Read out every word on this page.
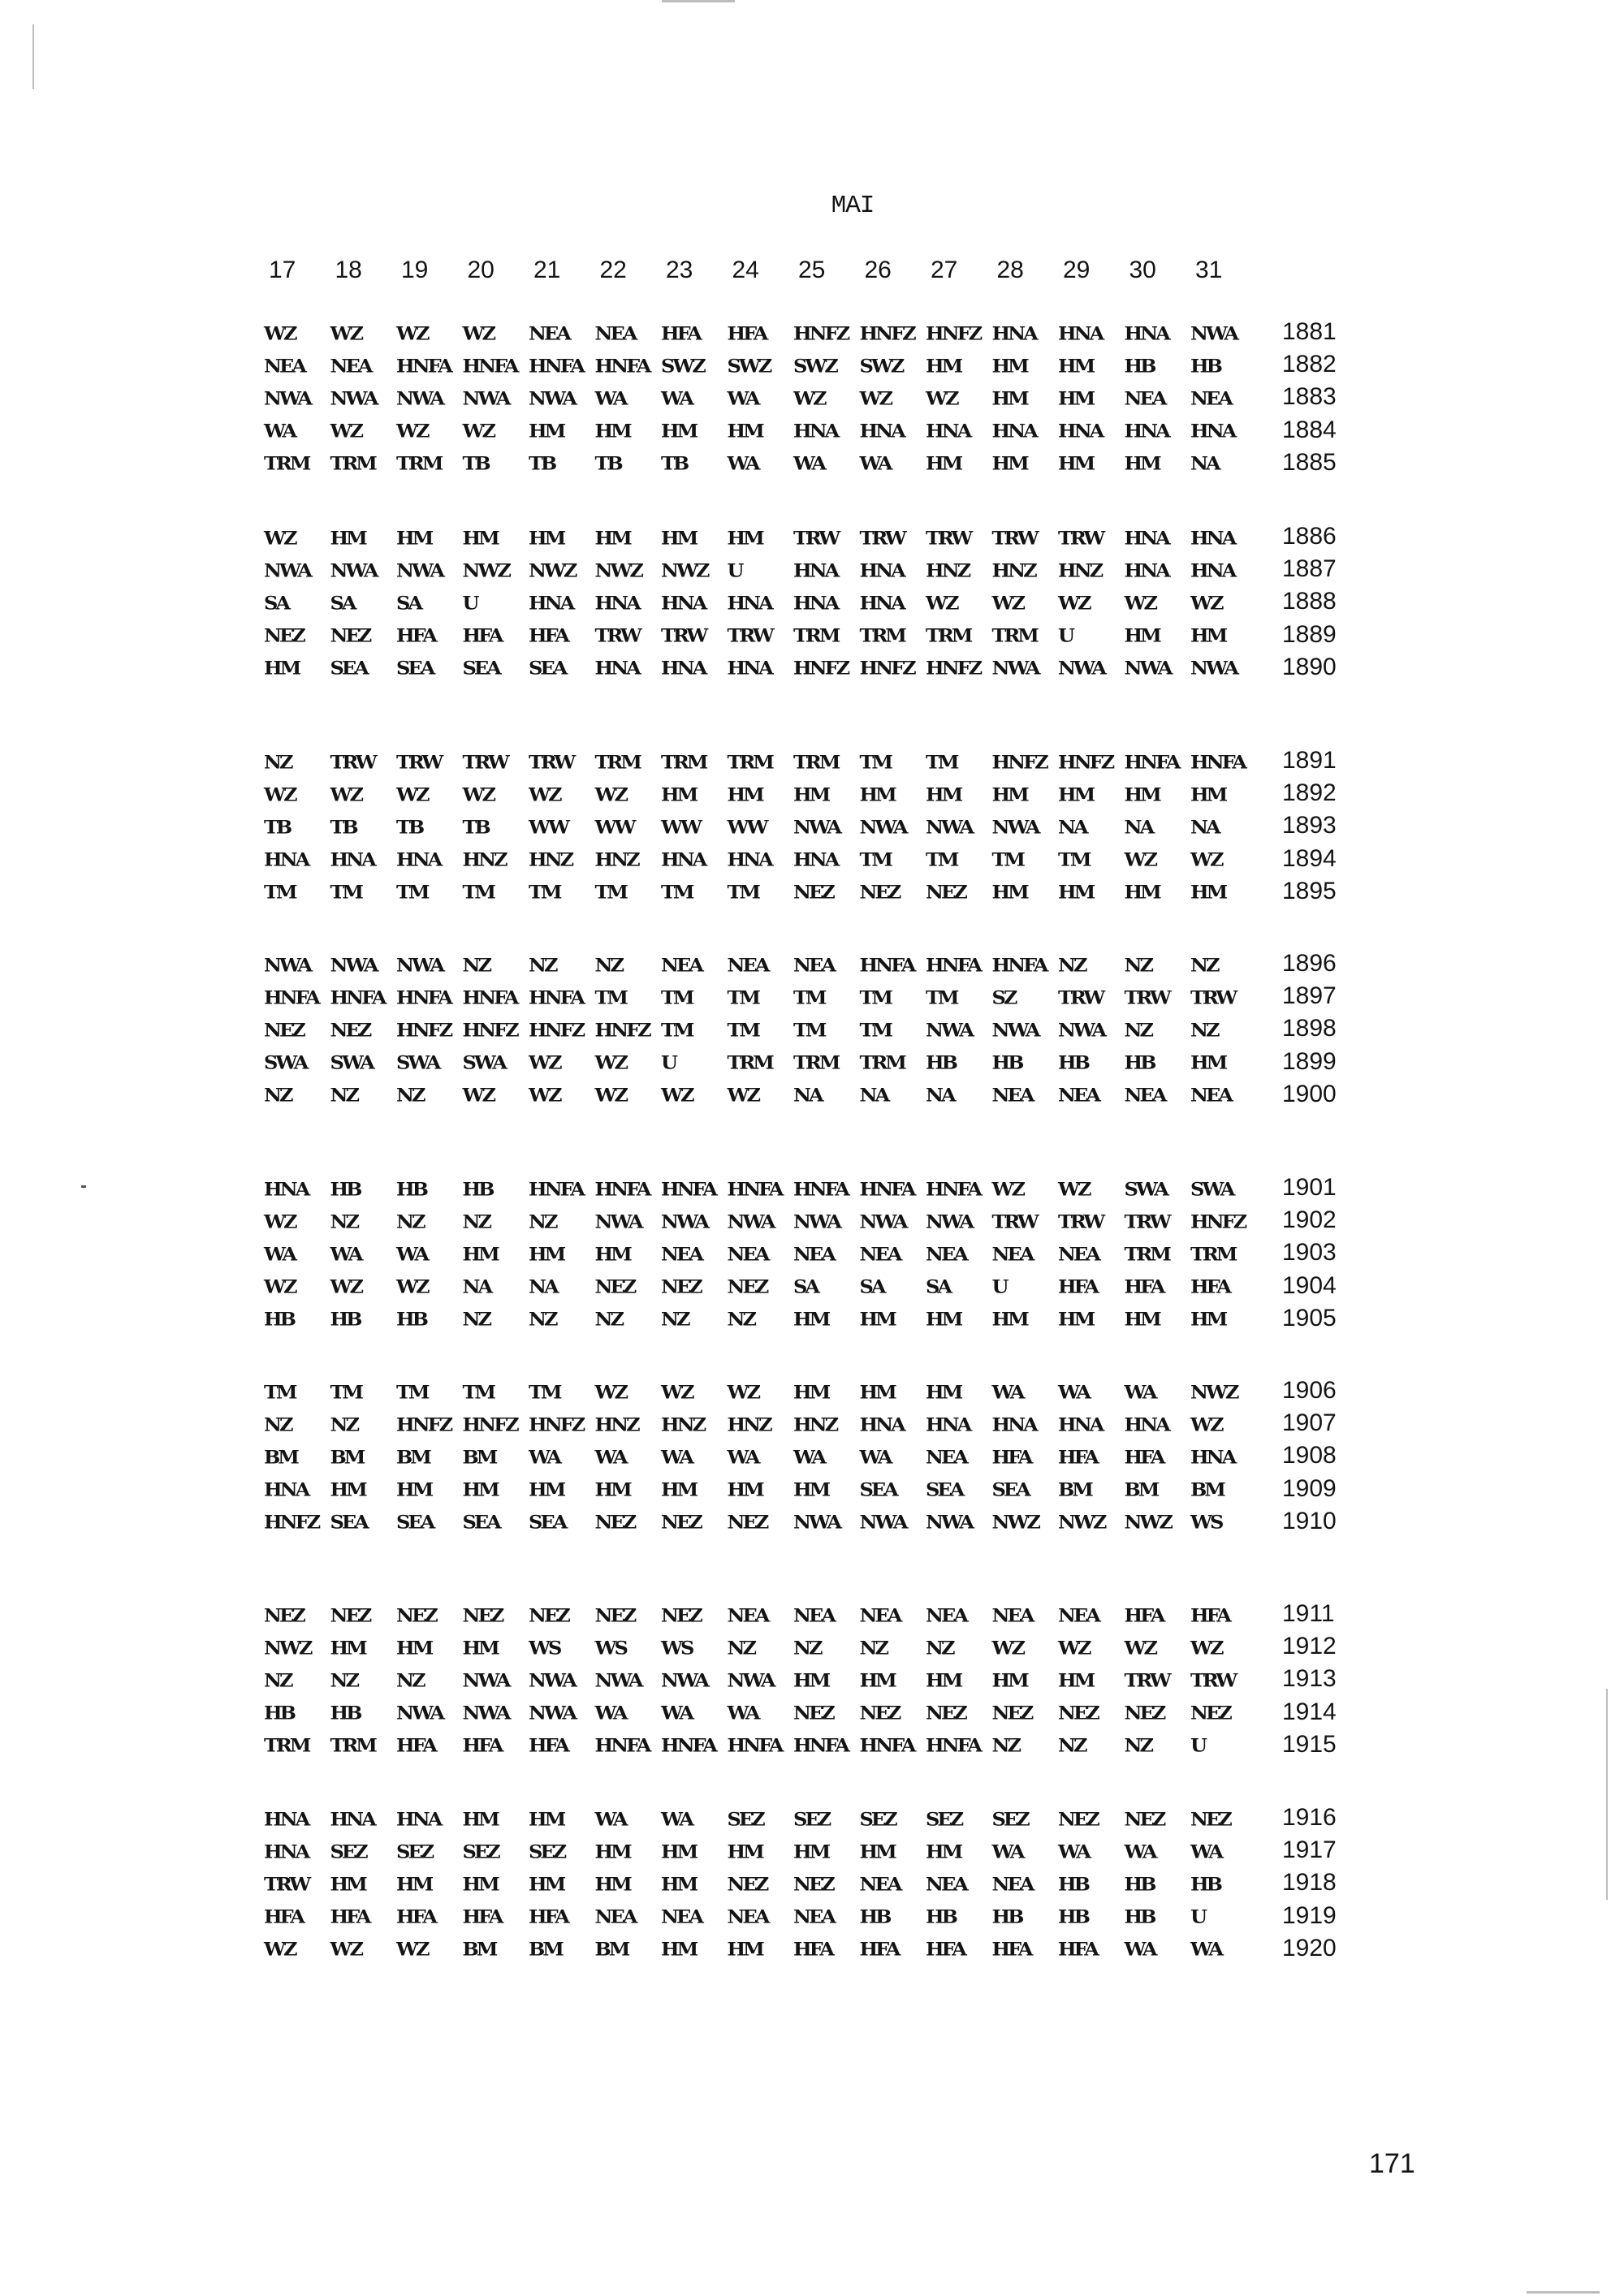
MAI
17	18	19	20	21	22	23	24	25	26	27	28	29	30	31
WZ	WZ	WZ	WZ	NEA	NEA	HFA	HFA	HNFZ HNFZ HNFZ HNA	HNA	HNA	NWA	1881
NEA	NEA	HNFA HNFA HNFA HNFA SWZ	SWZ	SWZ	SWZ	HM	HM	HM	HB	HB	1882
NWA	NWA	NWA	NWA	NWA	WA	WA	WA	WZ	WZ	WZ	HM	HM	NEA	NEA	1883
WA	WZ	WZ	WZ	HM	HM	HM	HM	HNA	HNA	HNA	HNA	HNA	HNA	HNA	1884
TRM	TRM	TRM	TB	TB	TB	TB	WA	WA	WA	HM	HM	HM	HM	NA	1885
WZ	HM	HM	HM	HM	HM	HM	HM	TRW	TRW	TRW	TRW	TRW	HNA	HNA	1886
NWA	NWA	NWA	NWZ	NWZ	NWZ	NWZ	U	HNA	HNA	HNZ	HNZ	HNZ	HNA	HNA	1887
SA	SA	SA	U	HNA	HNA	HNA	HNA	HNA	HNA	WZ	WZ	WZ	WZ	WZ	1888
NEZ	NEZ	HFA	HFA	HFA	TRW	TRW	TRW	TRM	TRM	TRM	TRM	U	HM	HM	1889
HM	SEA	SEA	SEA	SEA	HNA	HNA	HNA	HNFZ HNFZ HNFZ NWA	NWA	NWA	NWA	1890
NZ	TRW	TRW	TRW	TRW	TRM	TRM	TRM	TRM	TM	TM	HNFZ HNFZ HNFA HNFA	1891
WZ	WZ	WZ	WZ	WZ	WZ	HM	HM	HM	HM	HM	HM	HM	HM	HM	1892
TB	TB	TB	TB	WW	WW	WW	WW	NWA	NWA	NWA	NWA	NA	NA	NA	1893
HNA	HNA	HNA	HNZ	HNZ	HNZ	HNA	HNA	HNA	TM	TM	TM	TM	WZ	WZ	1894
TM	TM	TM	TM	TM	TM	TM	TM	NEZ	NEZ	NEZ	HM	HM	HM	HM	1895
NWA	NWA	NWA	NZ	NZ	NZ	NEA	NEA	NEA	HNFA HNFA HNFA NZ	NZ	NZ	1896
HNFA HNFA HNFA HNFA HNFA TM	TM	TM	TM	TM	TM	SZ	TRW	TRW	TRW	1897
NEZ	NEZ	HNFZ HNFZ HNFZ HNFZ TM	TM	TM	TM	NWA	NWA	NWA	NZ	NZ	1898
SWA	SWA	SWA	SWA	WZ	WZ	U	TRM	TRM	TRM	HB	HB	HB	HB	HM	1899
NZ	NZ	NZ	WZ	WZ	WZ	WZ	WZ	NA	NA	NA	NEA	NEA	NEA	NEA	1900
HNA	HB	HB	HB	HNFA HNFA HNFA HNFA HNFA HNFA HNFA WZ	WZ	SWA	SWA	1901
WZ	NZ	NZ	NZ	NZ	NWA	NWA	NWA	NWA	NWA	NWA	TRW	TRW	TRW	HNFZ	1902
WA	WA	WA	HM	HM	HM	NEA	NEA	NEA	NEA	NEA	NEA	NEA	TRM	TRM	1903
WZ	WZ	WZ	NA	NA	NEZ	NEZ	NEZ	SA	SA	SA	U	HFA	HFA	HFA	1904
HB	HB	HB	NZ	NZ	NZ	NZ	NZ	HM	HM	HM	HM	HM	HM	HM	1905
TM	TM	TM	TM	TM	WZ	WZ	WZ	HM	HM	HM	WA	WA	WA	NWZ	1906
NZ	NZ	HNFZ HNFZ HNFZ HNZ	HNZ	HNZ	HNZ	HNA	HNA	HNA	HNA	HNA	WZ	1907
BM	BM	BM	BM	WA	WA	WA	WA	WA	WA	NEA	HFA	HFA	HFA	HNA	1908
HNA	HM	HM	HM	HM	HM	HM	HM	HM	SEA	SEA	SEA	BM	BM	BM	1909
HNFZ SEA	SEA	SEA	SEA	NEZ	NEZ	NEZ	NWA	NWA	NWA	NWZ	NWZ	NWZ	WS	1910
NEZ	NEZ	NEZ	NEZ	NEZ	NEZ	NEZ	NEA	NEA	NEA	NEA	NEA	NEA	HFA	HFA	1911
NWZ	HM	HM	HM	WS	WS	WS	NZ	NZ	NZ	NZ	WZ	WZ	WZ	WZ	1912
NZ	NZ	NZ	NWA	NWA	NWA	NWA	NWA	HM	HM	HM	HM	HM	TRW	TRW	1913
HB	HB	NWA	NWA	NWA	WA	WA	WA	NEZ	NEZ	NEZ	NEZ	NEZ	NEZ	NEZ	1914
TRM	TRM	HFA	HFA	HFA	HNFA HNFA HNFA HNFA HNFA HNFA NZ	NZ	NZ	U	1915
HNA	HNA	HNA	HM	HM	WA	WA	SEZ	SEZ	SEZ	SEZ	SEZ	NEZ	NEZ	NEZ	1916
HNA	SEZ	SEZ	SEZ	SEZ	HM	HM	HM	HM	HM	HM	WA	WA	WA	WA	1917
TRW	HM	HM	HM	HM	HM	HM	NEZ	NEZ	NEA	NEA	NEA	HB	HB	HB	1918
HFA	HFA	HFA	HFA	HFA	NEA	NEA	NEA	NEA	HB	HB	HB	HB	HB	U	1919
WZ	WZ	WZ	BM	BM	BM	HM	HM	HFA	HFA	HFA	HFA	HFA	WA	WA	1920
171
